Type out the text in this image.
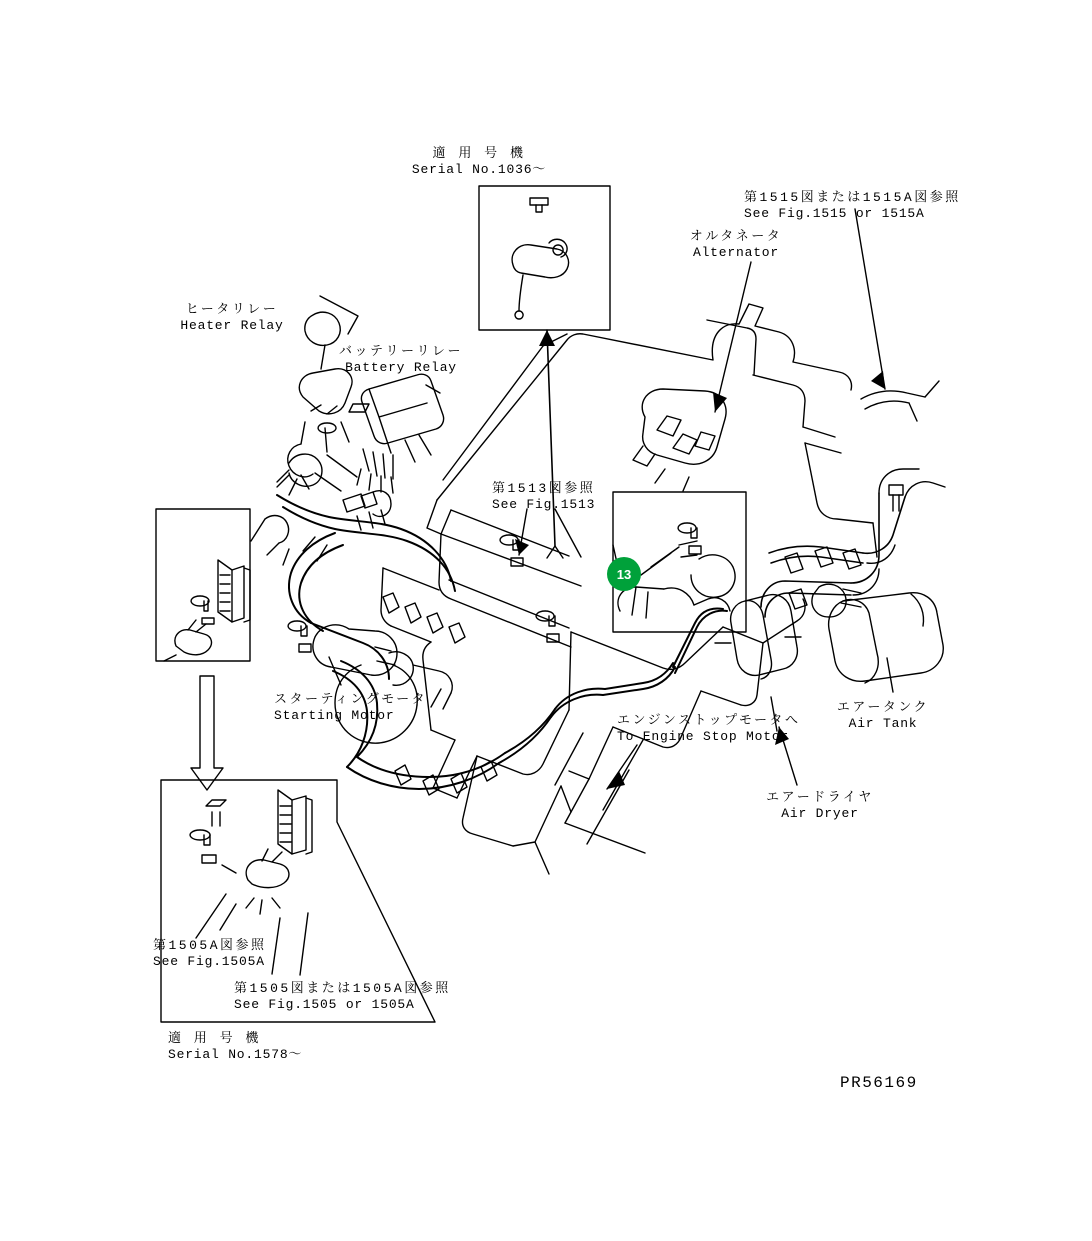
適 用 号 機
Serial No.1036〜
第1515図または1515A図参照
See Fig.1515 or 1515A
オルタネータ
Alternator
ヒータリレー
Heater Relay
バッテリーリレー
Battery Relay
第1513図参照
See Fig.1513
スターティングモータ
Starting Motor	エンジンストップモータへ
To Engine Stop Motor
エアータンク
Air Tank
エアードライヤ
Air Dryer
第1505A図参照
See Fig.1505A
第1505図または1505A図参照
See Fig.1505 or 1505A
適 用 号 機
Serial No.1578〜
13
PR56169
